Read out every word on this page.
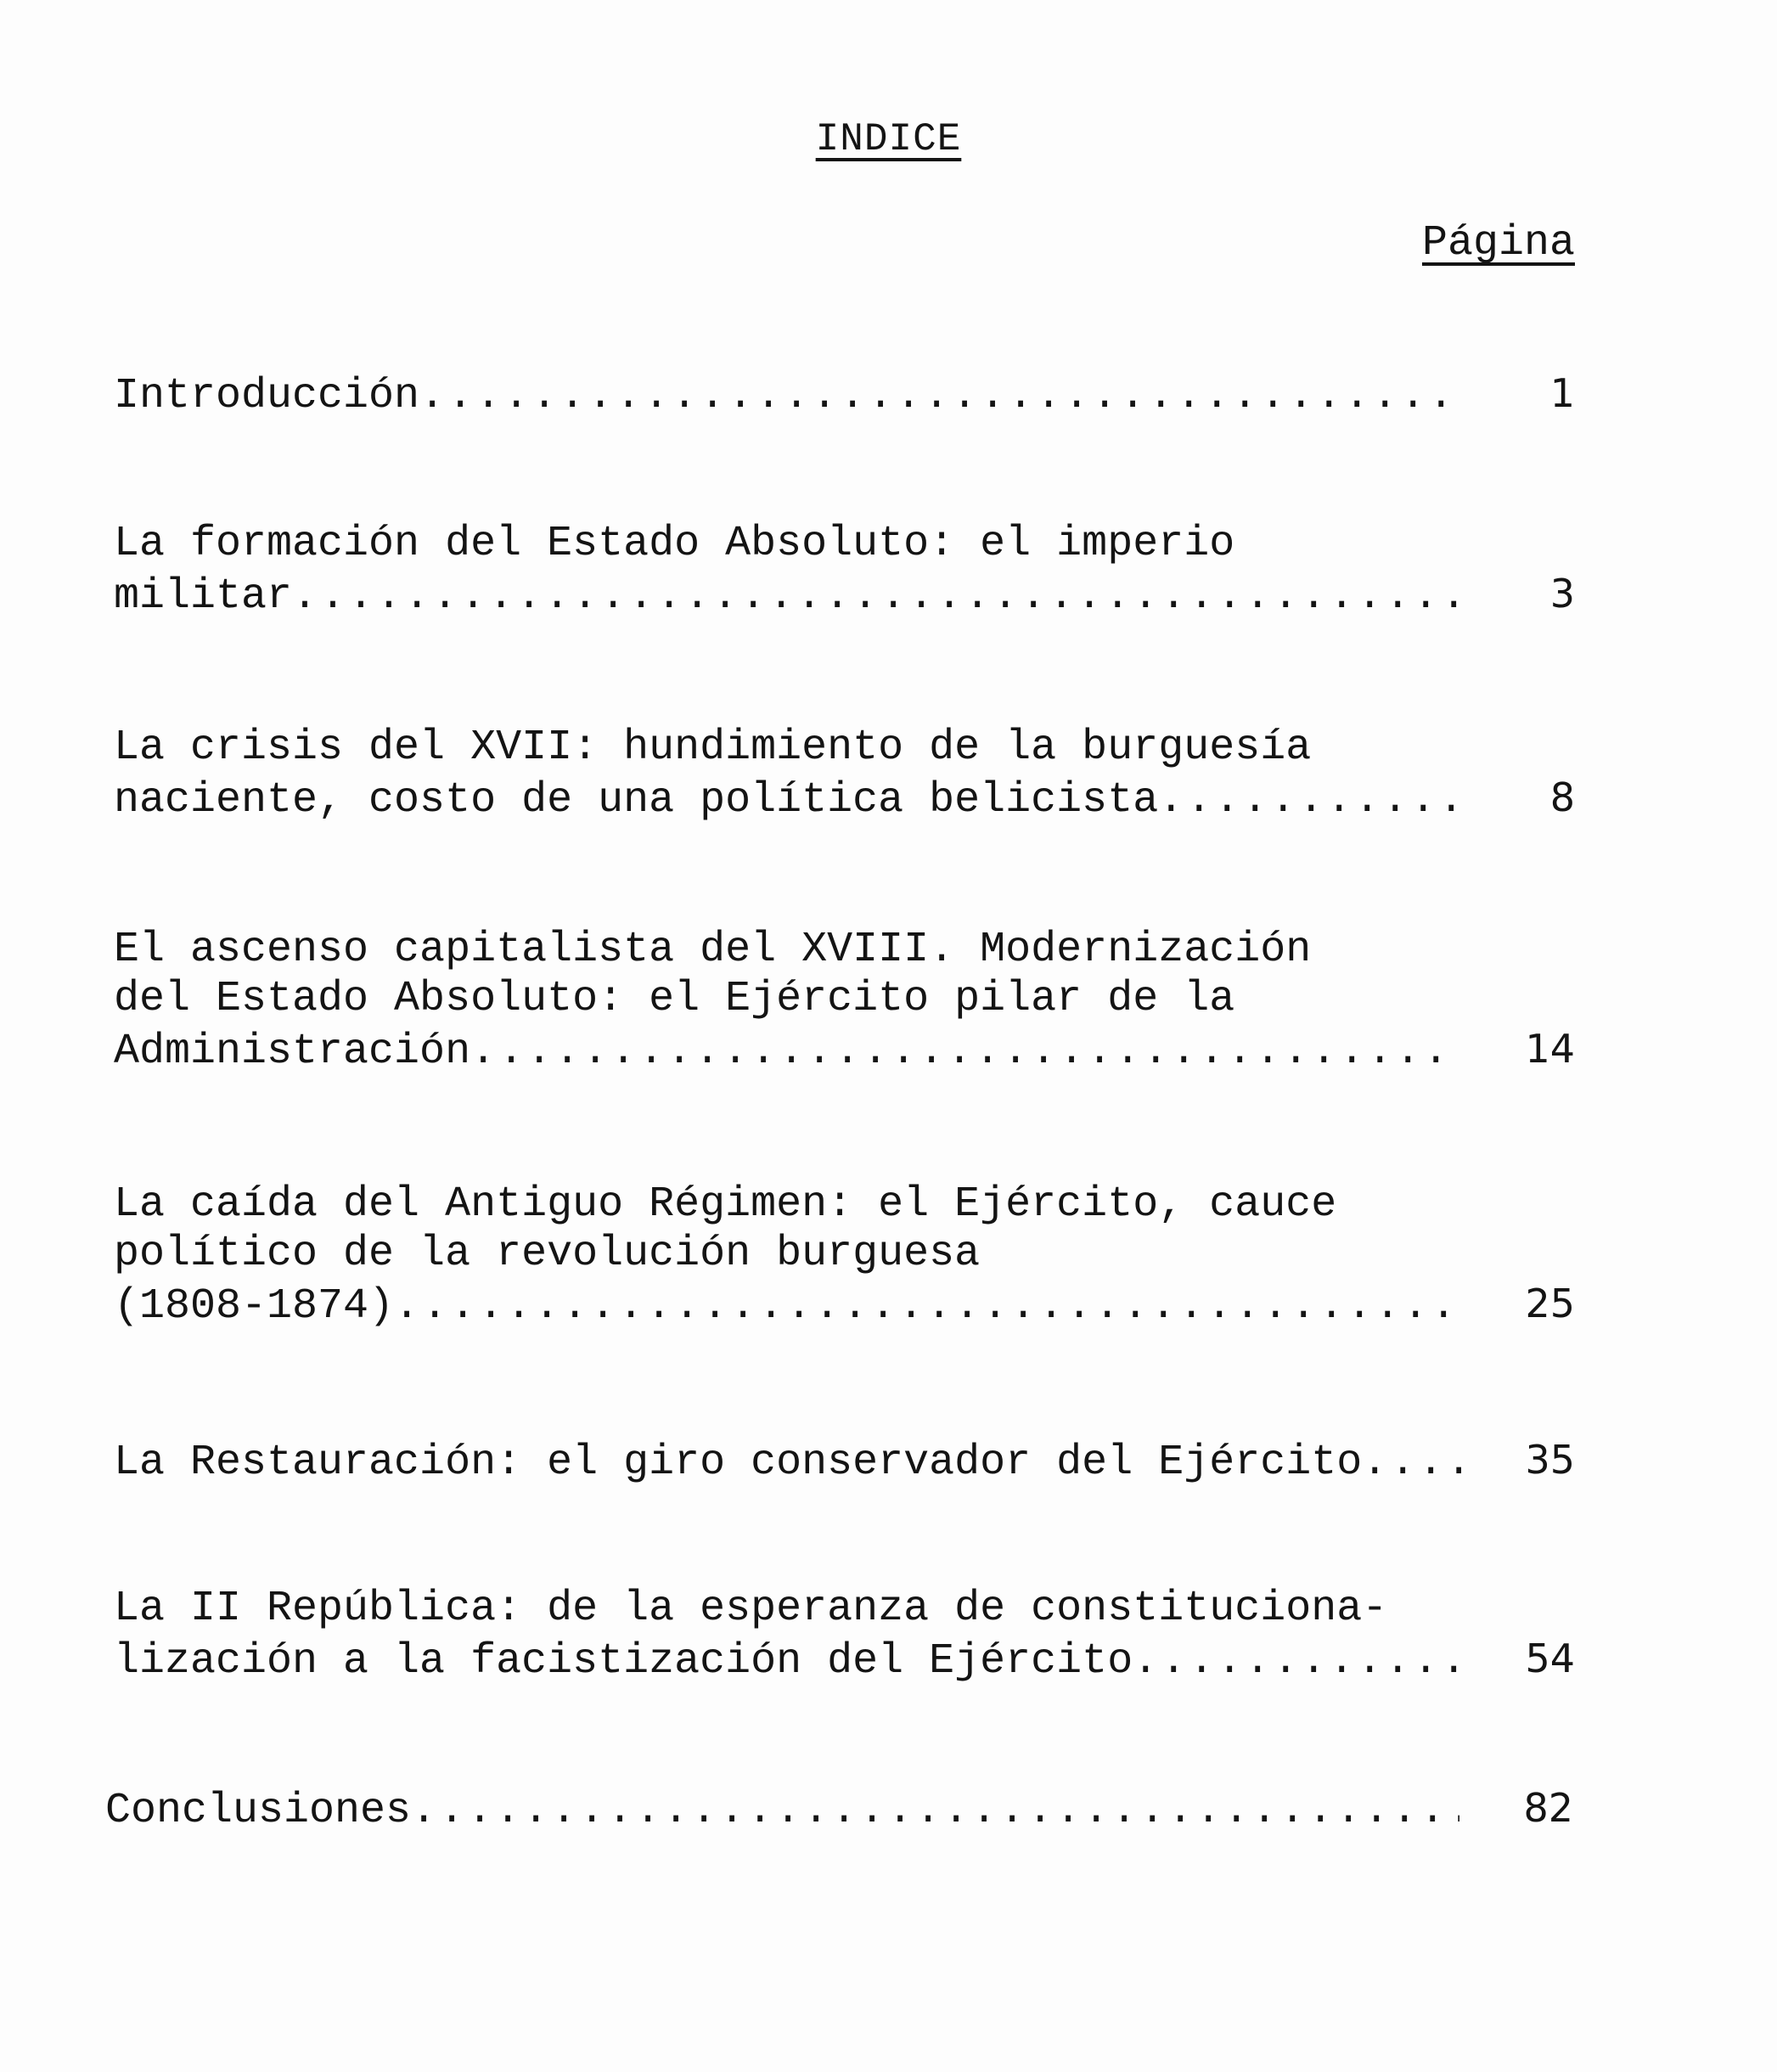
INDICE
Página
Introducción .....	1
La formación del Estado Absoluto: el imperio
militar .....	3
La crisis del XVII: hundimiento de la burguesía
naciente, costo de una política belicista .....	8
El ascenso capitalista del XVIII. Modernización
del Estado Absoluto: el Ejército pilar de la
Administración .....	14
La caída del Antiguo Régimen: el Ejército, cauce
político de la revolución burguesa
(1808-1874) .....	25
La Restauración: el giro conservador del Ejército .....	35
La II República: de la esperanza de constituciona-
lización a la facistización del Ejército .....	54
Conclusiones .....	82
